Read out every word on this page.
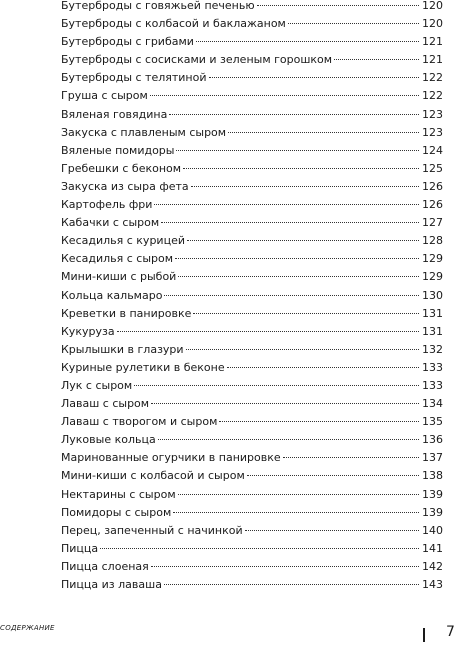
Бутерброды с говяжьей печенью	120
Бутерброды с колбасой и баклажаном	120
Бутерброды с грибами	121
Бутерброды с сосисками и зеленым горошком	121
Бутерброды с телятиной	122
Груша с сыром	122
Вяленая говядина	123
Закуска с плавленым сыром	123
Вяленые помидоры	124
Гребешки с беконом	125
Закуска из сыра фета	126
Картофель фри	126
Кабачки с сыром	127
Кесадилья с курицей	128
Кесадилья с сыром	129
Мини-киши с рыбой	129
Кольца кальмаро	130
Креветки в панировке	131
Кукуруза	131
Крылышки в глазури	132
Куриные рулетики в беконе	133
Лук с сыром	133
Лаваш с сыром	134
Лаваш с творогом и сыром	135
Луковые кольца	136
Маринованные огурчики в панировке	137
Мини-киши с колбасой и сыром	138
Нектарины с сыром	139
Помидоры с сыром	139
Перец, запеченный с начинкой	140
Пицца	141
Пицца слоеная	142
Пицца из лаваша	143
СОДЕРЖАНИЕ	7
